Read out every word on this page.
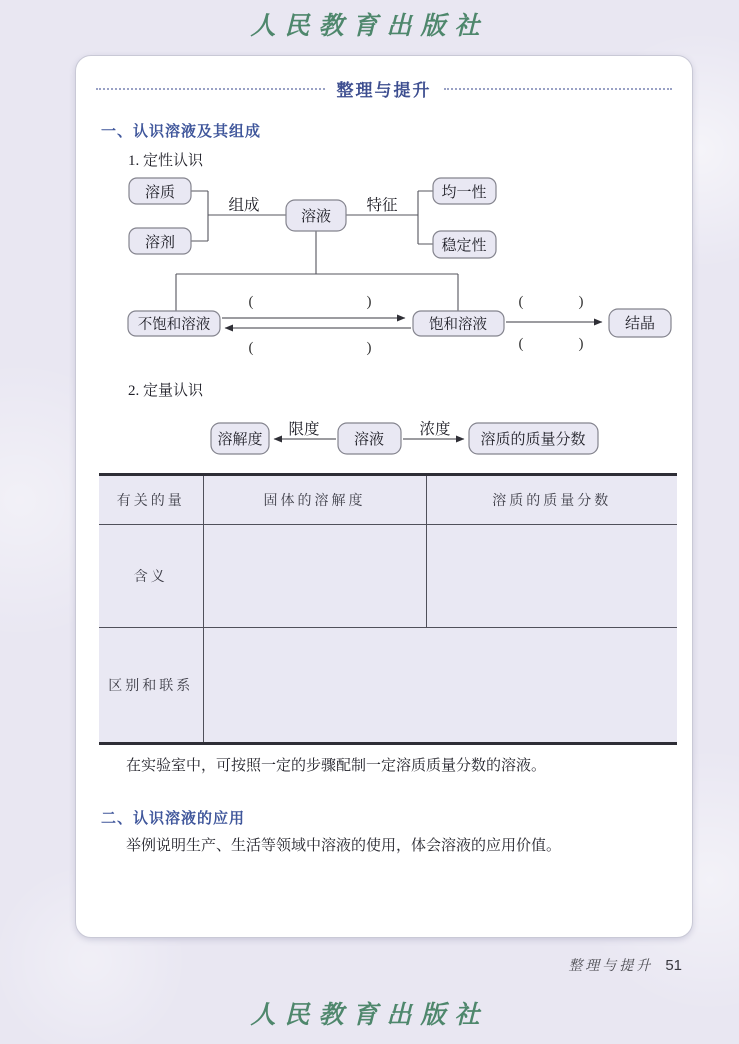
人民教育出版社
整理与提升
一、认识溶液及其组成
1. 定性认识
溶质
溶剂
溶液
均一性
稳定性
不饱和溶液	饱和溶液	结晶
组成	特征
(	)
(	)
(	)
(	)
2. 定量认识
溶解度	溶液	溶质的质量分数
限度	浓度
有关的量	固体的溶解度	溶质的质量分数
含义		
区别和联系		
在实验室中，可按照一定的步骤配制一定溶质质量分数的溶液。
二、认识溶液的应用
举例说明生产、生活等领域中溶液的使用，体会溶液的应用价值。
整理与提升 51
人民教育出版社
